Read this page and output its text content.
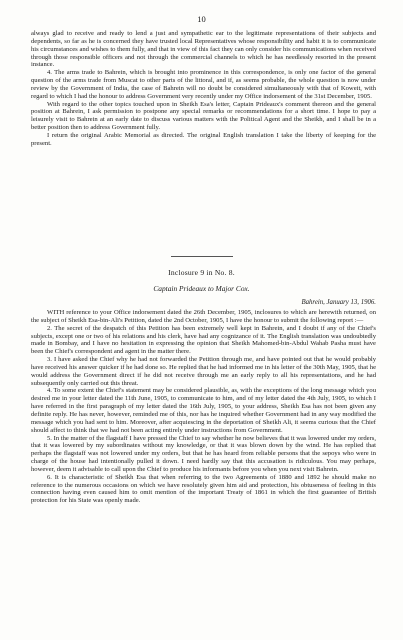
10

always glad to receive and ready to lend a just and sympathetic ear to the legitimate representations of their subjects and dependents, so far as he is concerned they have trusted local Representatives whose responsibility and habit it is to communicate his circumstances and wishes to them fully, and that in view of this fact they can only consider his communications when received through those responsible officers and not through the commercial channels to which he has needlessly resorted in the present instance.

4. The arms trade to Bahrein, which is brought into prominence in this correspondence, is only one factor of the general question of the arms trade from Muscat to other parts of the littoral, and if, as seems probable, the whole question is now under review by the Government of India, the case of Bahrein will no doubt be considered simultaneously with that of Koweit, with regard to which I had the honour to address Government very recently under my Office indorsement of the 31st December, 1905.

With regard to the other topics touched upon in Sheikh Esa's letter, Captain Prideaux's comment thereon and the general position at Bahrein, I ask permission to postpone any special remarks or recommendations for a short time. I hope to pay a leisurely visit to Bahrein at an early date to discuss various matters with the Political Agent and the Sheikh, and I shall be in a better position then to address Government fully.

I return the original Arabic Memorial as directed. The original English translation I take the liberty of keeping for the present.

Inclosure 9 in No. 8.
Captain Prideaux to Major Cox.
Bahrein, January 13, 1906.

WITH reference to your Office indorsement dated the 26th December, 1905, inclosures to which are herewith returned, on the subject of Sheikh Esa-bin-Ali's Petition, dated the 2nd October, 1905, I have the honour to submit the following report :—

2. The secret of the despatch of this Petition has been extremely well kept in Bahrein, and I doubt if any of the Chief's subjects, except one or two of his relations and his clerk, have had any cognizance of it. The English translation was undoubtedly made in Bombay, and I have no hesitation in expressing the opinion that Sheikh Mahomed-bin-Abdul Wahab Pasha must have been the Chief's correspondent and agent in the matter there.

3. I have asked the Chief why he had not forwarded the Petition through me, and have pointed out that he would probably have received his answer quicker if he had done so. He replied that he had informed me in his letter of the 30th May, 1905, that he would address the Government direct if he did not receive through me an early reply to all his representations, and he had subsequently only carried out this threat.

4. To some extent the Chief's statement may be considered plausible, as, with the exceptions of the long message which you desired me in your letter dated the 11th June, 1905, to communicate to him, and of my letter dated the 4th July, 1905, to which I have referred in the first paragraph of my letter dated the 16th July, 1905, to your address, Sheikh Esa has not been given any definite reply. He has never, however, reminded me of this, nor has he inquired whether Government had in any way modified the message which you had sent to him. Moreover, after acquiescing in the deportation of Sheikh Ali, it seems curious that the Chief should affect to think that we had not been acting entirely under instructions from Government.

5. In the matter of the flagstaff I have pressed the Chief to say whether he now believes that it was lowered under my orders, that it was lowered by my subordinates without my knowledge, or that it was blown down by the wind. He has replied that perhaps the flagstaff was not lowered under my orders, but that he has heard from reliable persons that the sepoys who were in charge of the house had intentionally pulled it down. I need hardly say that this accusation is ridiculous. You may perhaps, however, deem it advisable to call upon the Chief to produce his informants before you when you next visit Bahrein.

6. It is characteristic of Sheikh Esa that when referring to the two Agreements of 1880 and 1892 he should make no reference to the numerous occasions on which we have resolutely given him aid and protection, his obtuseness of feeling in this connection having even caused him to omit mention of the important Treaty of 1861 in which the first guarantee of British protection for his State was openly made.
